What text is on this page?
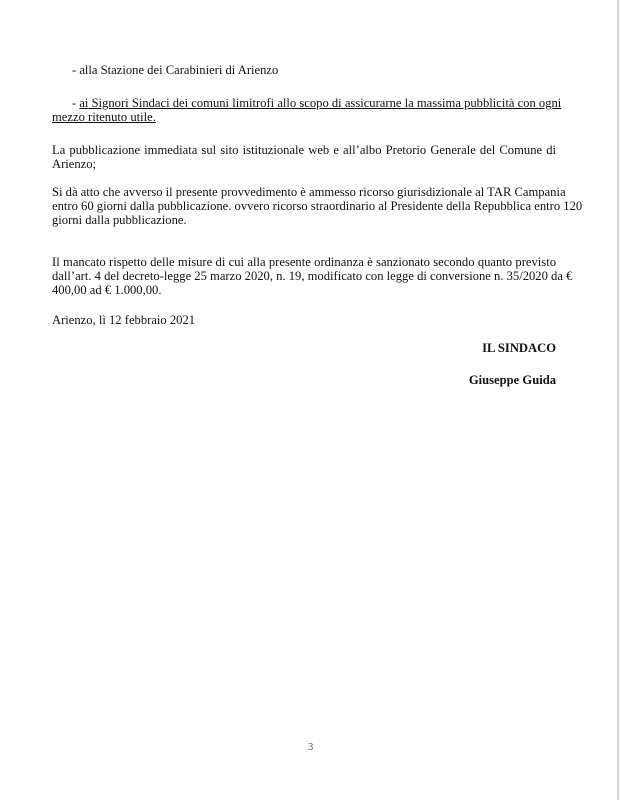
- alla Stazione dei Carabinieri di Arienzo
- ai Signori Sindaci dei comuni limitrofi allo scopo di assicurarne la massima pubblicità con ogni
mezzo ritenuto utile.
La pubblicazione immediata sul sito istituzionale web e all’albo Pretorio Generale del Comune di
Arienzo;
Si dà atto che avverso il presente provvedimento è ammesso ricorso giurisdizionale al TAR Campania
entro 60 giorni dalla pubblicazione. ovvero ricorso straordinario al Presidente della Repubblica entro 120
giorni dalla pubblicazione.
Il mancato rispetto delle misure di cui alla presente ordinanza è sanzionato secondo quanto previsto
dall’art. 4 del decreto-legge 25 marzo 2020, n. 19, modificato con legge di conversione n. 35/2020 da €
400,00 ad € 1.000,00.
Arienzo, lì 12 febbraio 2021
IL SINDACO
Giuseppe Guida
3
